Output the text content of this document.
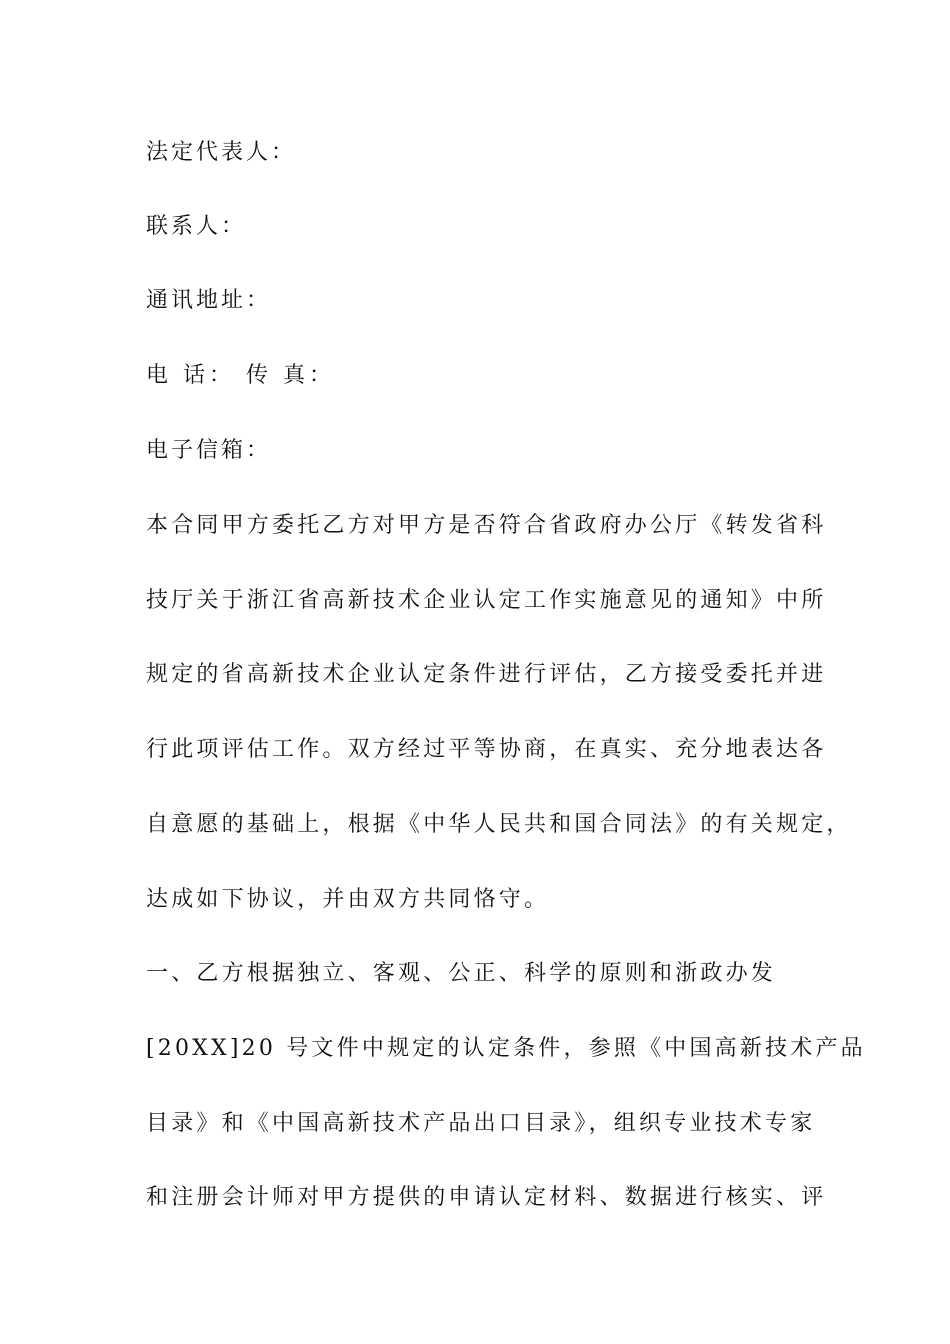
法定代表人：
联系人：
通讯地址：
电 话： 传 真：
电子信箱：
本合同甲方委托乙方对甲方是否符合省政府办公厅《转发省科
技厅关于浙江省高新技术企业认定工作实施意见的通知》中所
规定的省高新技术企业认定条件进行评估，乙方接受委托并进
行此项评估工作。双方经过平等协商，在真实、充分地表达各
自意愿的基础上，根据《中华人民共和国合同法》的有关规定，
达成如下协议，并由双方共同恪守。
一、乙方根据独立、客观、公正、科学的原则和浙政办发
[20XX]20 号文件中规定的认定条件，参照《中国高新技术产品
目录》和《中国高新技术产品出口目录》，组织专业技术专家
和注册会计师对甲方提供的申请认定材料、数据进行核实、评
